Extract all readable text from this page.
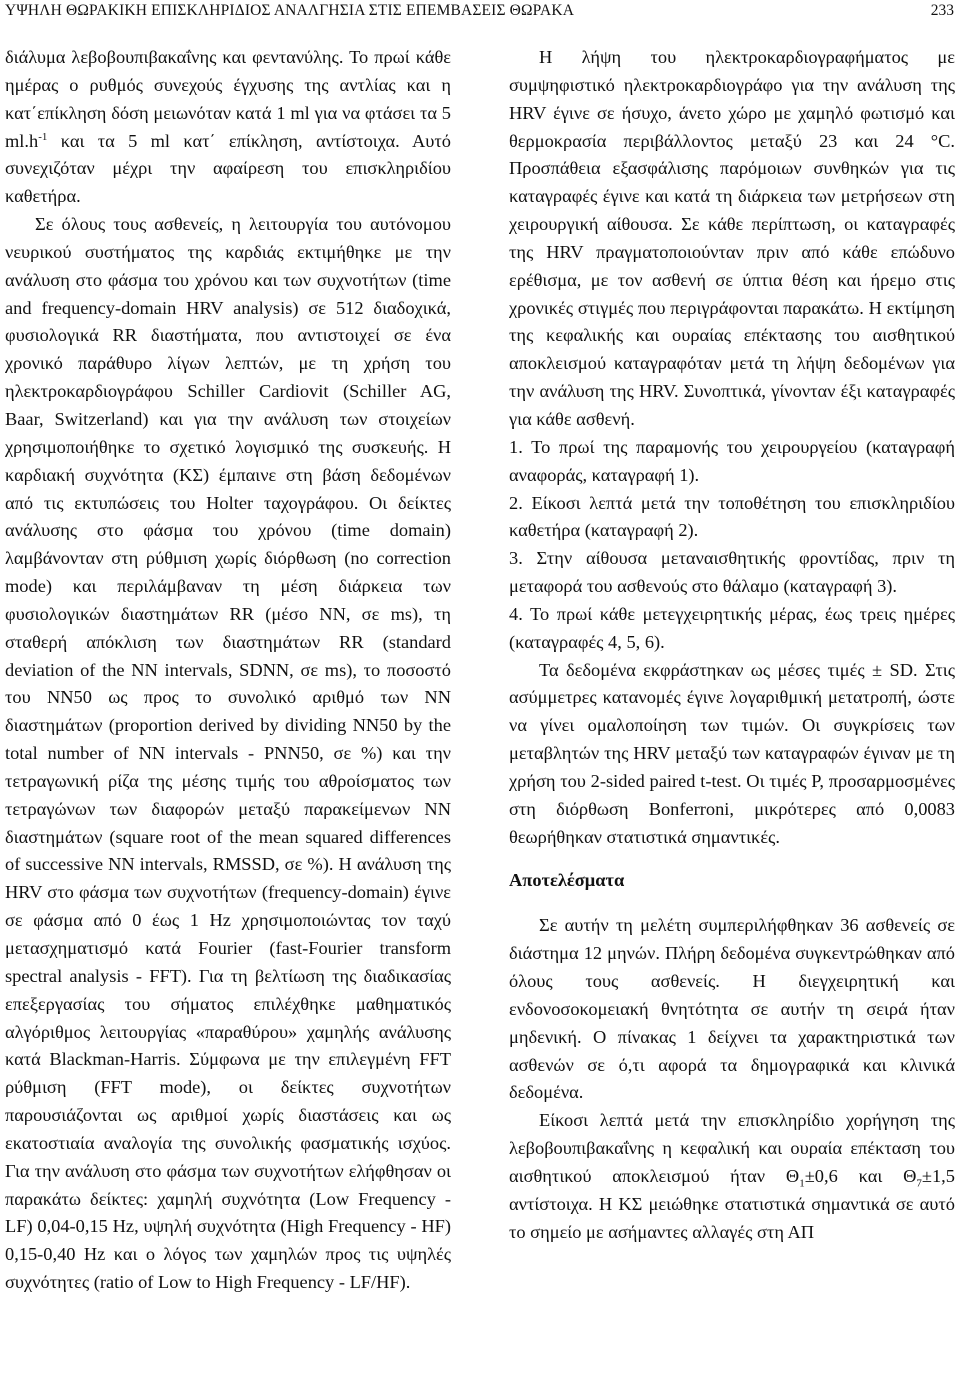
ΥΨΗΛΗ ΘΩΡΑΚΙΚΗ ΕΠΙΣΚΛΗΡΙΔΙΟΣ ΑΝΑΛΓΗΣΙΑ ΣΤΙΣ ΕΠΕΜΒΑΣΕΙΣ ΘΩΡΑΚΑ	233

διάλυμα λεβοβουπιβακαΐνης και φεντανύλης. Το πρωί κάθε ημέρας ο ρυθμός συνεχούς έγχυσης της αντλίας και η κατ΄επίκληση δόση μειωνόταν κατά 1 ml για να φτάσει τα 5 $ml.h^{-1}$ και τα 5 ml κατ΄ επίκληση, αντίστοιχα. Αυτό συνεχιζόταν μέχρι την αφαίρεση του επισκληριδίου καθετήρα.

Σε όλους τους ασθενείς, η λειτουργία του αυτόνομου νευρικού συστήματος της καρδιάς εκτιμήθηκε με την ανάλυση στο φάσμα του χρόνου και των συχνοτήτων (time and frequency-domain HRV analysis) σε 512 διαδοχικά, φυσιολογικά RR διαστήματα, που αντιστοιχεί σε ένα χρονικό παράθυρο λίγων λεπτών, με τη χρήση του ηλεκτροκαρδιογράφου Schiller Cardiovit (Schiller AG, Baar, Switzerland) και για την ανάλυση των στοιχείων χρησιμοποιήθηκε το σχετικό λογισμικό της συσκευής. Η καρδιακή συχνότητα (ΚΣ) έμπαινε στη βάση δεδομένων από τις εκτυπώσεις του Holter ταχογράφου. Οι δείκτες ανάλυσης στο φάσμα του χρόνου (time domain) λαμβάνονταν στη ρύθμιση χωρίς διόρθωση (no correction mode) και περιλάμβαναν τη μέση διάρκεια των φυσιολογικών διαστημάτων RR (μέσο NN, σε ms), τη σταθερή απόκλιση των διαστημάτων RR (standard deviation of the NN intervals, SDNN, σε ms), το ποσοστό του NN50 ως προς το συνολικό αριθμό των NN διαστημάτων (proportion derived by dividing NN50 by the total number of NN intervals - PNN50, σε %) και την τετραγωνική ρίζα της μέσης τιμής του αθροίσματος των τετραγώνων των διαφορών μεταξύ παρακείμενων NN διαστημάτων (square root of the mean squared differences of successive NN intervals, RMSSD, σε %). Η ανάλυση της HRV στο φάσμα των συχνοτήτων (frequency-domain) έγινε σε φάσμα από 0 έως 1 Hz χρησιμοποιώντας τον ταχύ μετασχηματισμό κατά Fourier (fast-Fourier transform spectral analysis - FFT). Για τη βελτίωση της διαδικασίας επεξεργασίας του σήματος επιλέχθηκε μαθηματικός αλγόριθμος λειτουργίας «παραθύρου» χαμηλής ανάλυσης κατά Blackman-Harris. Σύμφωνα με την επιλεγμένη FFT ρύθμιση (FFT mode), οι δείκτες συχνοτήτων παρουσιάζονται ως αριθμοί χωρίς διαστάσεις και ως εκατοστιαία αναλογία της συνολικής φασματικής ισχύος. Για την ανάλυση στο φάσμα των συχνοτήτων ελήφθησαν οι παρακάτω δείκτες: χαμηλή συχνότητα (Low Frequency - LF) 0,04-0,15 Hz, υψηλή συχνότητα (High Frequency - HF) 0,15-0,40 Hz και ο λόγος των χαμηλών προς τις υψηλές συχνότητες (ratio of Low to High Frequency - LF/HF).

Η λήψη του ηλεκτροκαρδιογραφήματος με συμψηφιστικό ηλεκτροκαρδιογράφο για την ανάλυση της HRV έγινε σε ήσυχο, άνετο χώρο με χαμηλό φωτισμό και θερμοκρασία περιβάλλοντος μεταξύ 23 και 24 °C. Προσπάθεια εξασφάλισης παρόμοιων συνθηκών για τις καταγραφές έγινε και κατά τη διάρκεια των μετρήσεων στη χειρουργική αίθουσα. Σε κάθε περίπτωση, οι καταγραφές της HRV πραγματοποιούνταν πριν από κάθε επώδυνο ερέθισμα, με τον ασθενή σε ύπτια θέση και ήρεμο στις χρονικές στιγμές που περιγράφονται παρακάτω. Η εκτίμηση της κεφαλικής και ουραίας επέκτασης του αισθητικού αποκλεισμού καταγραφόταν μετά τη λήψη δεδομένων για την ανάλυση της HRV. Συνοπτικά, γίνονταν έξι καταγραφές για κάθε ασθενή.

1. Το πρωί της παραμονής του χειρουργείου (καταγραφή αναφοράς, καταγραφή 1).

2. Είκοσι λεπτά μετά την τοποθέτηση του επισκληριδίου καθετήρα (καταγραφή 2).

3. Στην αίθουσα μεταναισθητικής φροντίδας, πριν τη μεταφορά του ασθενούς στο θάλαμο (καταγραφή 3).

4. Το πρωί κάθε μετεγχειρητικής μέρας, έως τρεις ημέρες (καταγραφές 4, 5, 6).

Τα δεδομένα εκφράστηκαν ως μέσες τιμές ± SD. Στις ασύμμετρες κατανομές έγινε λογαριθμική μετατροπή, ώστε να γίνει ομαλοποίηση των τιμών. Οι συγκρίσεις των μεταβλητών της HRV μεταξύ των καταγραφών έγιναν με τη χρήση του 2-sided paired t-test. Οι τιμές P, προσαρμοσμένες στη διόρθωση Bonferroni, μικρότερες από 0,0083 θεωρήθηκαν στατιστικά σημαντικές.

Αποτελέσματα

Σε αυτήν τη μελέτη συμπεριλήφθηκαν 36 ασθενείς σε διάστημα 12 μηνών. Πλήρη δεδομένα συγκεντρώθηκαν από όλους τους ασθενείς. Η διεγχειρητική και ενδονοσοκομειακή θνητότητα σε αυτήν τη σειρά ήταν μηδενική. Ο πίνακας 1 δείχνει τα χαρακτηριστικά των ασθενών σε ό,τι αφορά τα δημογραφικά και κλινικά δεδομένα.

Είκοσι λεπτά μετά την επισκληρίδιο χορήγηση της λεβοβουπιβακαΐνης η κεφαλική και ουραία επέκταση του αισθητικού αποκλεισμού ήταν $\Theta_1\pm 0,6$ και $\Theta_7\pm 1,5$ αντίστοιχα. Η ΚΣ μειώθηκε στατιστικά σημαντικά σε αυτό το σημείο με ασήμαντες αλλαγές στη ΑΠ
